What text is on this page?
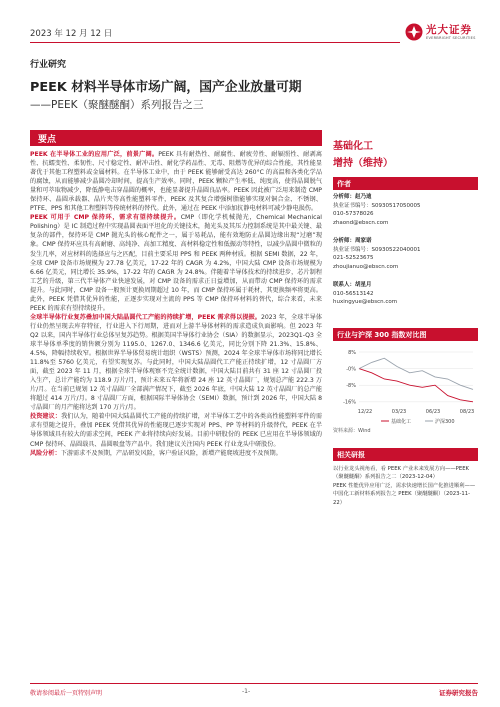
2023 年 12 月 12 日	光大证券
EVERBRIGHT SECURITIES
行业研究
PEEK 材料半导体市场广阔，国产企业放量可期
——PEEK（聚醚醚酮）系列报告之三
要点

PEEK 在半导体工业的应用广泛，前景广阔。PEEK 具有耐热性、耐腐性、耐疲劳性、耐辐照性、耐剥离性、抗蠕变性、柔韧性、尺寸稳定性、耐冲击性、耐化学药品性、无毒、阻燃等优异的综合性能，其性能显著优于其他工程塑料或金属材料。在半导体工业中，由于 PEEK 能够耐受高达 260°C 的高温和各类化学品的腐蚀，从而能够减少晶圆冷却时间，提高生产效率。同时，PEEK 颗粒产生率低、纯度高，使得晶圆脱气量和可萃取物减少，降低静电击穿晶圆的概率，也能显著提升晶圆良品率。PEEK 因此被广泛用来制造 CMP 保持环、晶圆承载器、晶片夹等高性能塑料零件，PEEK 及其复合增强树脂能够实现对铜合金、不锈钢、PTFE、PPS 和其他工程塑料等传统材料的替代。此外，通过在 PEEK 中添加抗静电材料可减少静电损伤。

PEEK 可用于 CMP 保持环，需求有望持续提升。CMP（即化学机械抛光，Chemical Mechanical Polishing）是 IC 制造过程中实现晶圆表面平坦化的关键技术，抛光头及其压力控制系统是其中最关键、最复杂的部件，保持环是 CMP 抛光头的核心配件之一，属于易耗品，能有效地防止晶圆边缘出现“过磨”现象。CMP 保持环应具有高耐磨、高纯净、高加工精度、高材料稳定性和低振动等特性，以减少晶圆中微粒的发生几率，对应材料的选择应与之匹配，目前主要采用 PPS 和 PEEK 两种材质。根据 SEMI 数据，22 年，全球 CMP 设备市场规模为 27.78 亿美元，17-22 年的 CAGR 为 4.2%，中国大陆 CMP 设备市场规模为 6.66 亿美元，同比增长 35.9%，17-22 年的 CAGR 为 24.8%。伴随着半导体技术的持续进步，芯片制程工艺的升级，第三代半导体产业快速发展，对 CMP 设备的需求正日益增加，从而带动 CMP 保持环的需求提升。与此同时，CMP 设备一般预计更换周期超过 10 年，而 CMP 保持环属于耗材，其更换频率将更高。此外，PEEK 凭借其优异的性能，正逐步实现对主流的 PPS 等 CMP 保持环材料的替代，综合来看，未来 PEEK 的需求有望持续提升。

全球半导体行业复苏叠加中国大陆晶圆代工产能的持续扩增，PEEK 需求得以提振。2023 年，全球半导体行业仍然呈现去库存特征，行业进入下行周期，进而对上游半导体材料的需求造成负面影响。但 2023 年 Q2 以来，国内半导体行业总体呈复苏趋势。根据美国半导体行业协会（SIA）的数据显示，2023Q1-Q3 全球半导体单季度的销售额分别为 1195.0、1267.0、1346.6 亿美元，同比分别下降 21.3%、15.8%、4.5%，降幅持续收窄。根据世界半导体贸易统计组织（WSTS）预测，2024 年全球半导体市场将同比增长 11.8%至 5760 亿美元，有望实现复苏。与此同时，中国大陆晶圆代工产能正持续扩增，12 寸晶圆厂方面，截至 2023 年 11 月，根据全球半导体观察不完全统计数据，中国大陆目前共有 31 座 12 寸晶圆厂投入生产，总计产能约为 118.9 万片/月，预计未来五年将新增 24 座 12 英寸晶圆厂，规划总产能 222.3 万片/月。在当前已规划 12 英寸晶圆厂全部满产情况下，截至 2026 年底，中国大陆 12 英寸晶圆厂的总产能将超过 414 万片/月。8 寸晶圆厂方面，根据国际半导体协会（SEMI）数据，预计到 2026 年，中国大陆 8 寸晶圆厂的月产能将达到 170 万片/月。

投资建议：我们认为，随着中国大陆晶圆代工产能的持续扩增，对半导体工艺中的各类高性能塑料零件的需求有望随之提升，叠加 PEEK 凭借其优异的性能现已逐步实现对 PPS、PP 等材料的升级替代，PEEK 在半导体领域具有较大的需求空间，PEEK 产业将持续向好发展。目前中研股份的 PEEK 已应用在半导体领域的 CMP 保持环、晶圆载具、晶圆吸盘等产品中。我们建议关注国内 PEEK 行业龙头中研股份。

风险分析：下游需求不及预期，产品研发风险，客户验证风险，新增产能爬坡进度不及预期。

基础化工
增持（维持）
作者
分析师：赵乃迪
执业证书编号：S0930517050005
010-57378026
zhaond@ebscn.com
分析师：周家诺
执业证书编号：S0930522040001
021-52523675
zhoujianuo@ebscn.com
联系人：胡星月
010-56513142
huxingyue@ebscn.com
行业与沪深 300 指数对比图
8%
-0%
-8%
-16%
12/22	03/23	06/23	08/23
基础化工	沪深300
资料来源：Wind
相关研报
以行业龙头视角看，看 PEEK 产业未来发展方向——PEEK（聚醚醚酮）系列报告之二（2023-12-04）
PEEK 性能优异应用广泛，需求快速增长国产化推进顺利——中国化工新材料系列报告之 PEEK（聚醚醚酮）（2023-11-22）
敬请参阅最后一页特别声明	-1-	证券研究报告
